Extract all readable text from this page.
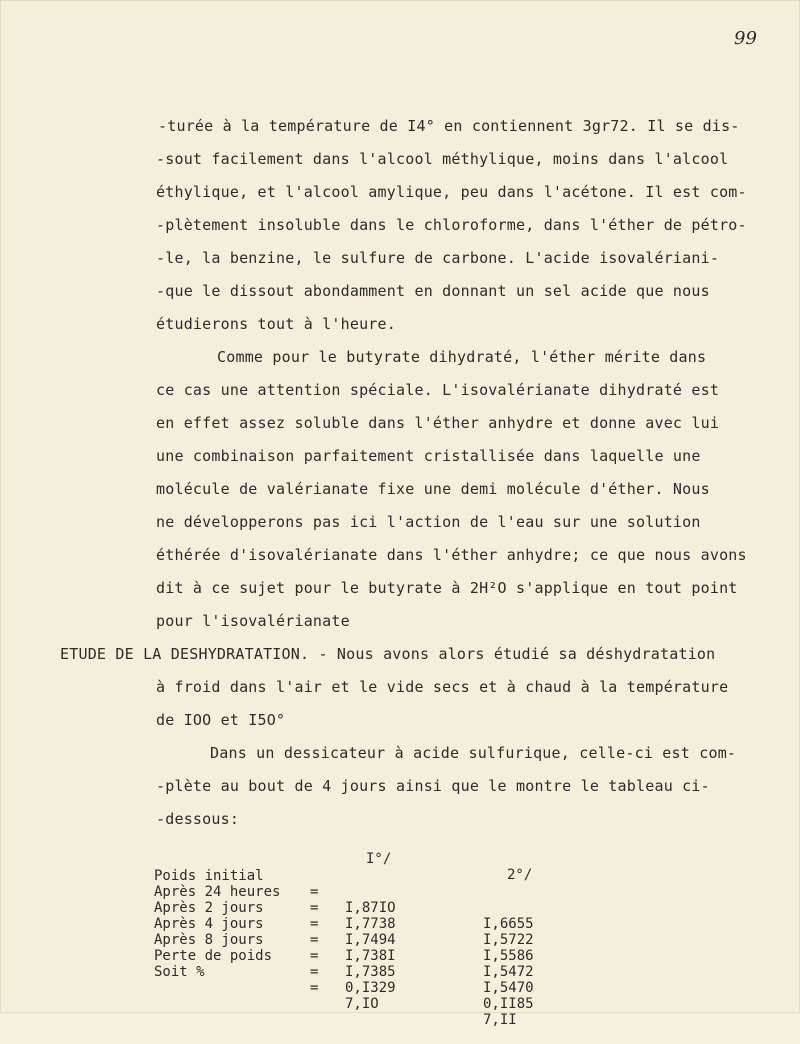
99
-turée à la température de I4° en contiennent 3gr72. Il se dis-
-sout facilement dans l'alcool méthylique, moins dans l'alcool
éthylique, et l'alcool amylique, peu dans l'acétone. Il est com-
-plètement insoluble dans le chloroforme, dans l'éther de pétro-
-le, la benzine, le sulfure de carbone. L'acide isovalériani-
-que le dissout abondamment en donnant un sel acide que nous
étudierons tout à l'heure.
Comme pour le butyrate dihydraté, l'éther mérite dans
ce cas une attention spéciale. L'isovalérianate dihydraté est
en effet assez soluble dans l'éther anhydre et donne avec lui
une combinaison parfaitement cristallisée dans laquelle une
molécule de valérianate fixe une demi molécule d'éther. Nous
ne développerons pas ici l'action de l'eau sur une solution
éthérée d'isovalérianate dans l'éther anhydre; ce que nous avons
dit à ce sujet pour le butyrate à 2H²O s'applique en tout point
pour l'isovalérianate
ETUDE DE LA DESHYDRATATION. - Nous avons alors étudié sa déshydratation
à froid dans l'air et le vide secs et à chaud à la température
de IOO et I5O°
Dans un dessicateur à acide sulfurique, celle-ci est com-
-plète au bout de 4 jours ainsi que le montre le tableau ci-
-dessous:

I°/

2°/

Poids initial

=

I,87IO

I,6655

Après 24 heures

=

I,7738

I,5722

Après 2 jours

=

I,7494

I,5586

Après 4 jours

=

I,738I

I,5472

Après 8 jours

=

I,7385

I,5470

Perte de poids

=

0,I329

0,II85

Soit %

=

7,IO

7,II
